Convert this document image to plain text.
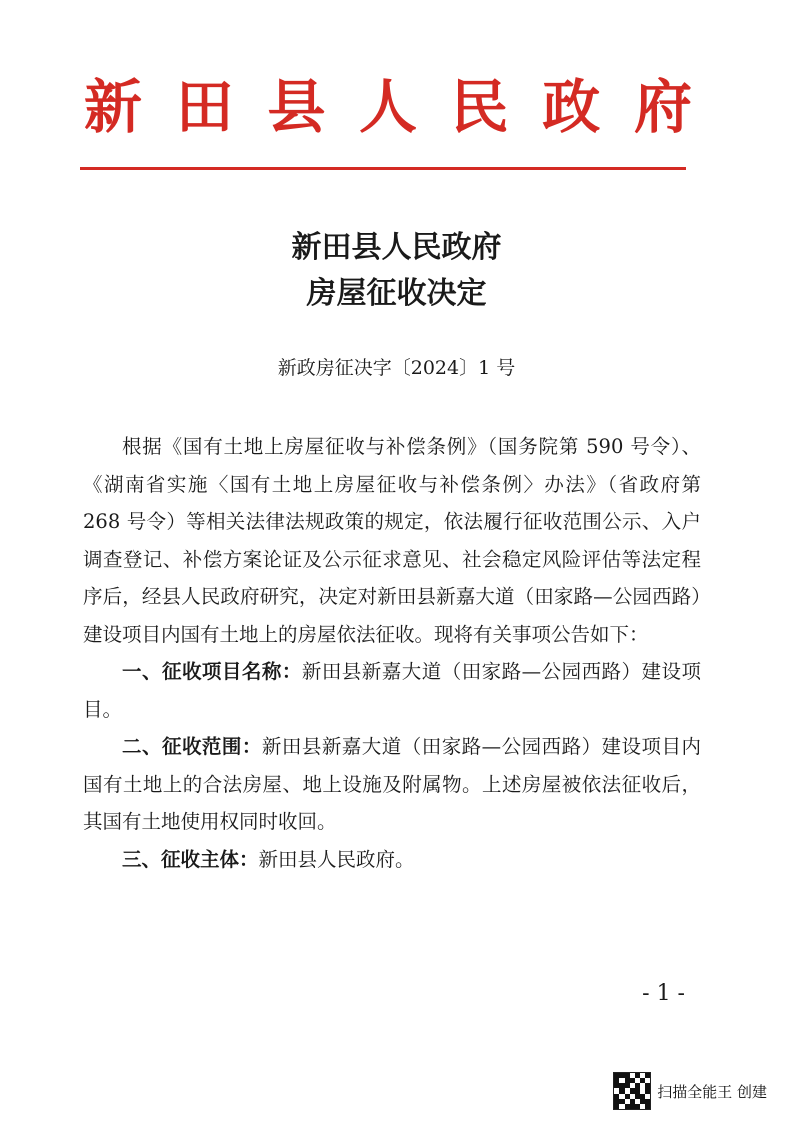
新 田 县 人 民 政 府
新田县人民政府
房屋征收决定
新政房征决字〔2024〕1 号

根据《国有土地上房屋征收与补偿条例》（国务院第 590 号令）、《湖南省实施〈国有土地上房屋征收与补偿条例〉办法》（省政府第 268 号令）等相关法律法规政策的规定，依法履行征收范围公示、入户调查登记、补偿方案论证及公示征求意见、社会稳定风险评估等法定程序后，经县人民政府研究，决定对新田县新嘉大道（田家路—公园西路）建设项目内国有土地上的房屋依法征收。现将有关事项公告如下：

一、征收项目名称：新田县新嘉大道（田家路—公园西路）建设项目。

二、征收范围：新田县新嘉大道（田家路—公园西路）建设项目内国有土地上的合法房屋、地上设施及附属物。上述房屋被依法征收后，其国有土地使用权同时收回。

三、征收主体：新田县人民政府。

- 1 -
扫描全能王 创建
